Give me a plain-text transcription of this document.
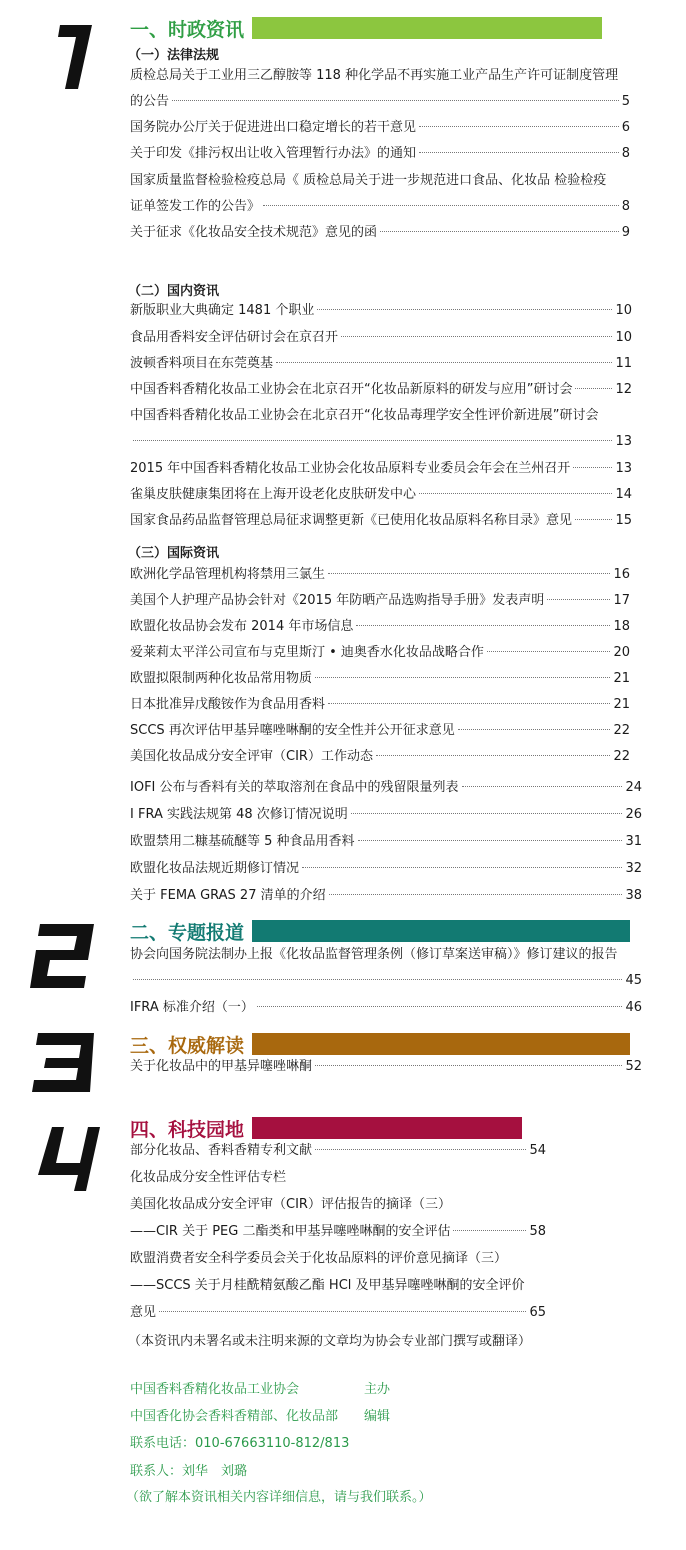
一、时政资讯
（一）法律法规
质检总局关于工业用三乙醇胺等 118 种化学品不再实施工业产品生产许可证制度管理
的公告	5
国务院办公厅关于促进进出口稳定增长的若干意见	6
关于印发《排污权出让收入管理暂行办法》的通知	8
国家质量监督检验检疫总局《 质检总局关于进一步规范进口食品、化妆品 检验检疫
证单签发工作的公告》	8
关于征求《化妆品安全技术规范》意见的函	9
（二）国内资讯
新版职业大典确定 1481 个职业	10
食品用香料安全评估研讨会在京召开	10
波顿香料项目在东莞奠基	11
中国香料香精化妆品工业协会在北京召开“化妆品新原料的研发与应用”研讨会	12
中国香料香精化妆品工业协会在北京召开“化妆品毒理学安全性评价新进展”研讨会
13
2015 年中国香料香精化妆品工业协会化妆品原料专业委员会年会在兰州召开	13
雀巢皮肤健康集团将在上海开设老化皮肤研发中心	14
国家食品药品监督管理总局征求调整更新《已使用化妆品原料名称目录》意见	15
（三）国际资讯
欧洲化学品管理机构将禁用三氯生	16
美国个人护理产品协会针对《2015 年防晒产品选购指导手册》发表声明	17
欧盟化妆品协会发布 2014 年市场信息	18
爱莱莉太平洋公司宣布与克里斯汀 • 迪奥香水化妆品战略合作	20
欧盟拟限制两种化妆品常用物质	21
日本批准异戊酸铵作为食品用香料	21
SCCS 再次评估甲基异噻唑啉酮的安全性并公开征求意见	22
美国化妆品成分安全评审（CIR）工作动态	22
IOFI 公布与香料有关的萃取溶剂在食品中的残留限量列表	24
I FRA 实践法规第 48 次修订情况说明	26
欧盟禁用二糠基硫醚等 5 种食品用香料	31
欧盟化妆品法规近期修订情况	32
关于 FEMA GRAS 27 清单的介绍	38
二、专题报道
协会向国务院法制办上报《化妆品监督管理条例（修订草案送审稿）》修订建议的报告
45
IFRA 标准介绍（一）	46
三、权威解读
关于化妆品中的甲基异噻唑啉酮	52
四、科技园地
部分化妆品、香料香精专利文献	54
化妆品成分安全性评估专栏
美国化妆品成分安全评审（CIR）评估报告的摘译（三）
——CIR 关于 PEG 二酯类和甲基异噻唑啉酮的安全评估	58
欧盟消费者安全科学委员会关于化妆品原料的评价意见摘译（三）
——SCCS 关于月桂酰精氨酸乙酯 HCl 及甲基异噻唑啉酮的安全评价
意见	65
（本资讯内未署名或未注明来源的文章均为协会专业部门撰写或翻译）
中国香料香精化妆品工业协会	主办
中国香化协会香料香精部、化妆品部 编辑
联系电话：010-67663110-812/813
联系人：刘华　刘璐
（欲了解本资讯相关内容详细信息，请与我们联系。）
